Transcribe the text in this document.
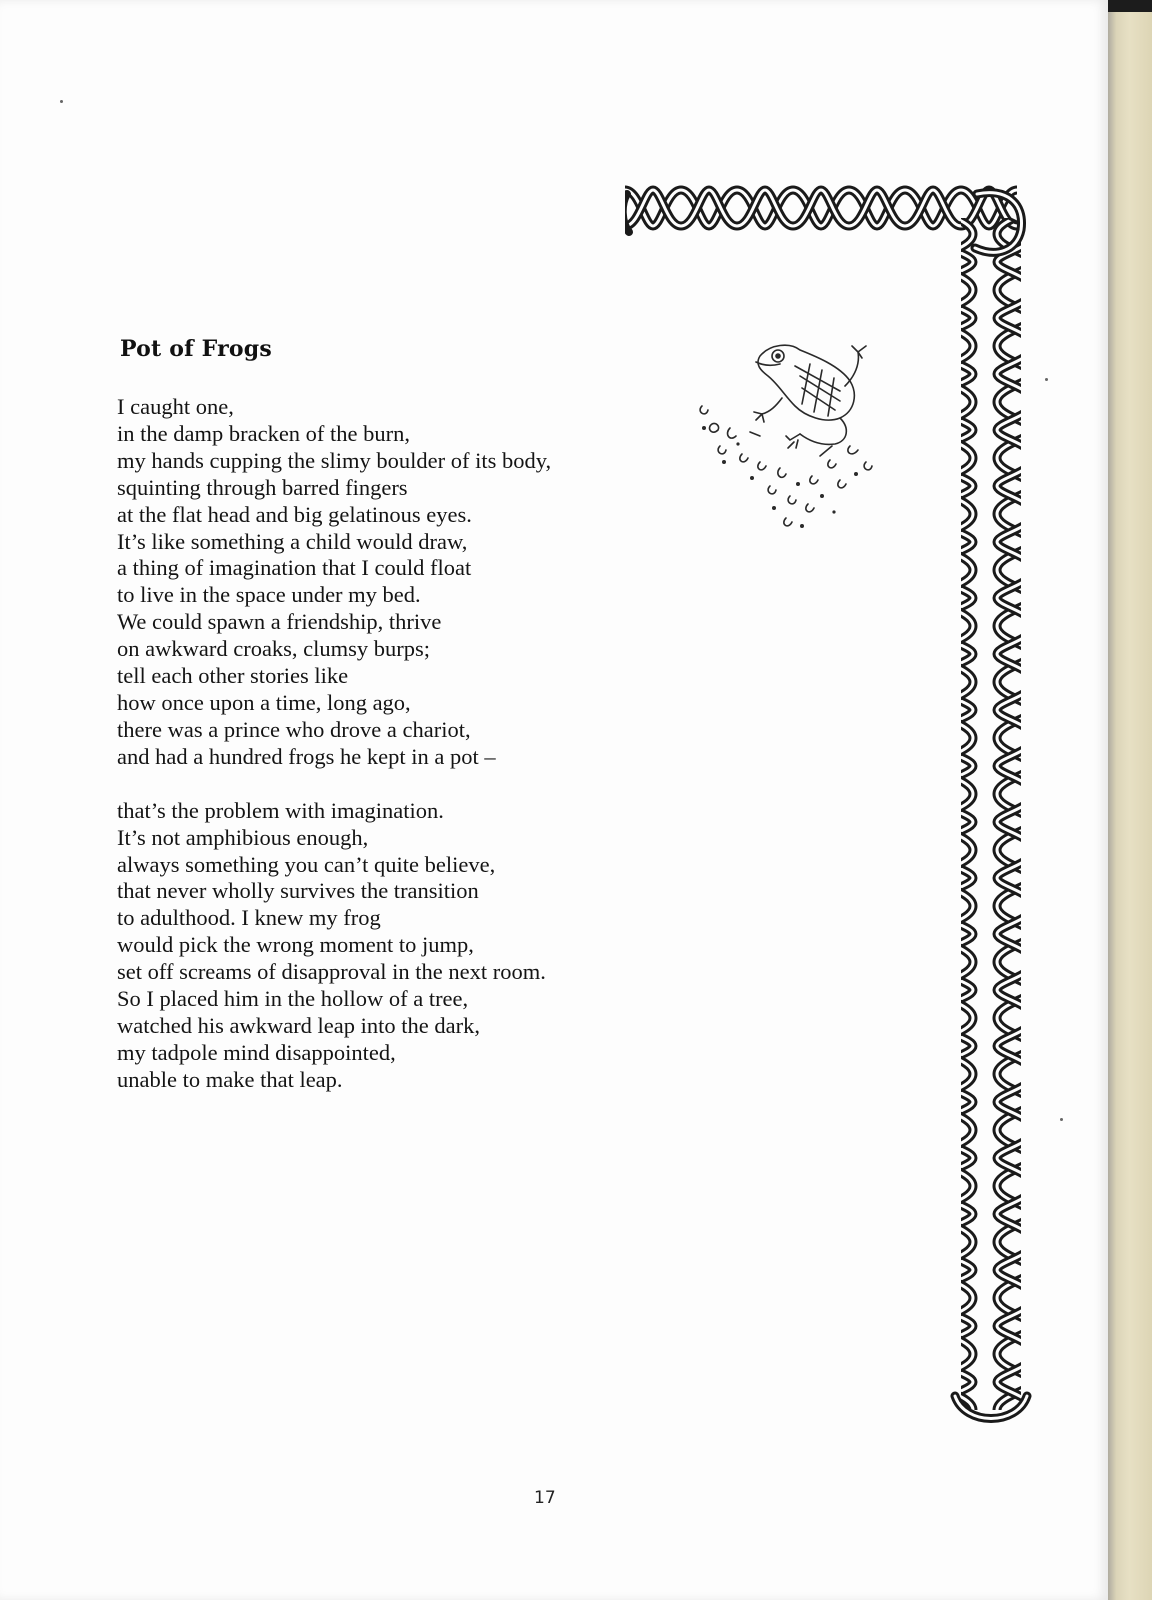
Pot of Frogs
I caught one,
in the damp bracken of the burn,
my hands cupping the slimy boulder of its body,
squinting through barred fingers
at the flat head and big gelatinous eyes.
It’s like something a child would draw,
a thing of imagination that I could float
to live in the space under my bed.
We could spawn a friendship, thrive
on awkward croaks, clumsy burps;
tell each other stories like
how once upon a time, long ago,
there was a prince who drove a chariot,
and had a hundred frogs he kept in a pot –
that’s the problem with imagination.
It’s not amphibious enough,
always something you can’t quite believe,
that never wholly survives the transition
to adulthood. I knew my frog
would pick the wrong moment to jump,
set off screams of disapproval in the next room.
So I placed him in the hollow of a tree,
watched his awkward leap into the dark,
my tadpole mind disappointed,
unable to make that leap.
17
